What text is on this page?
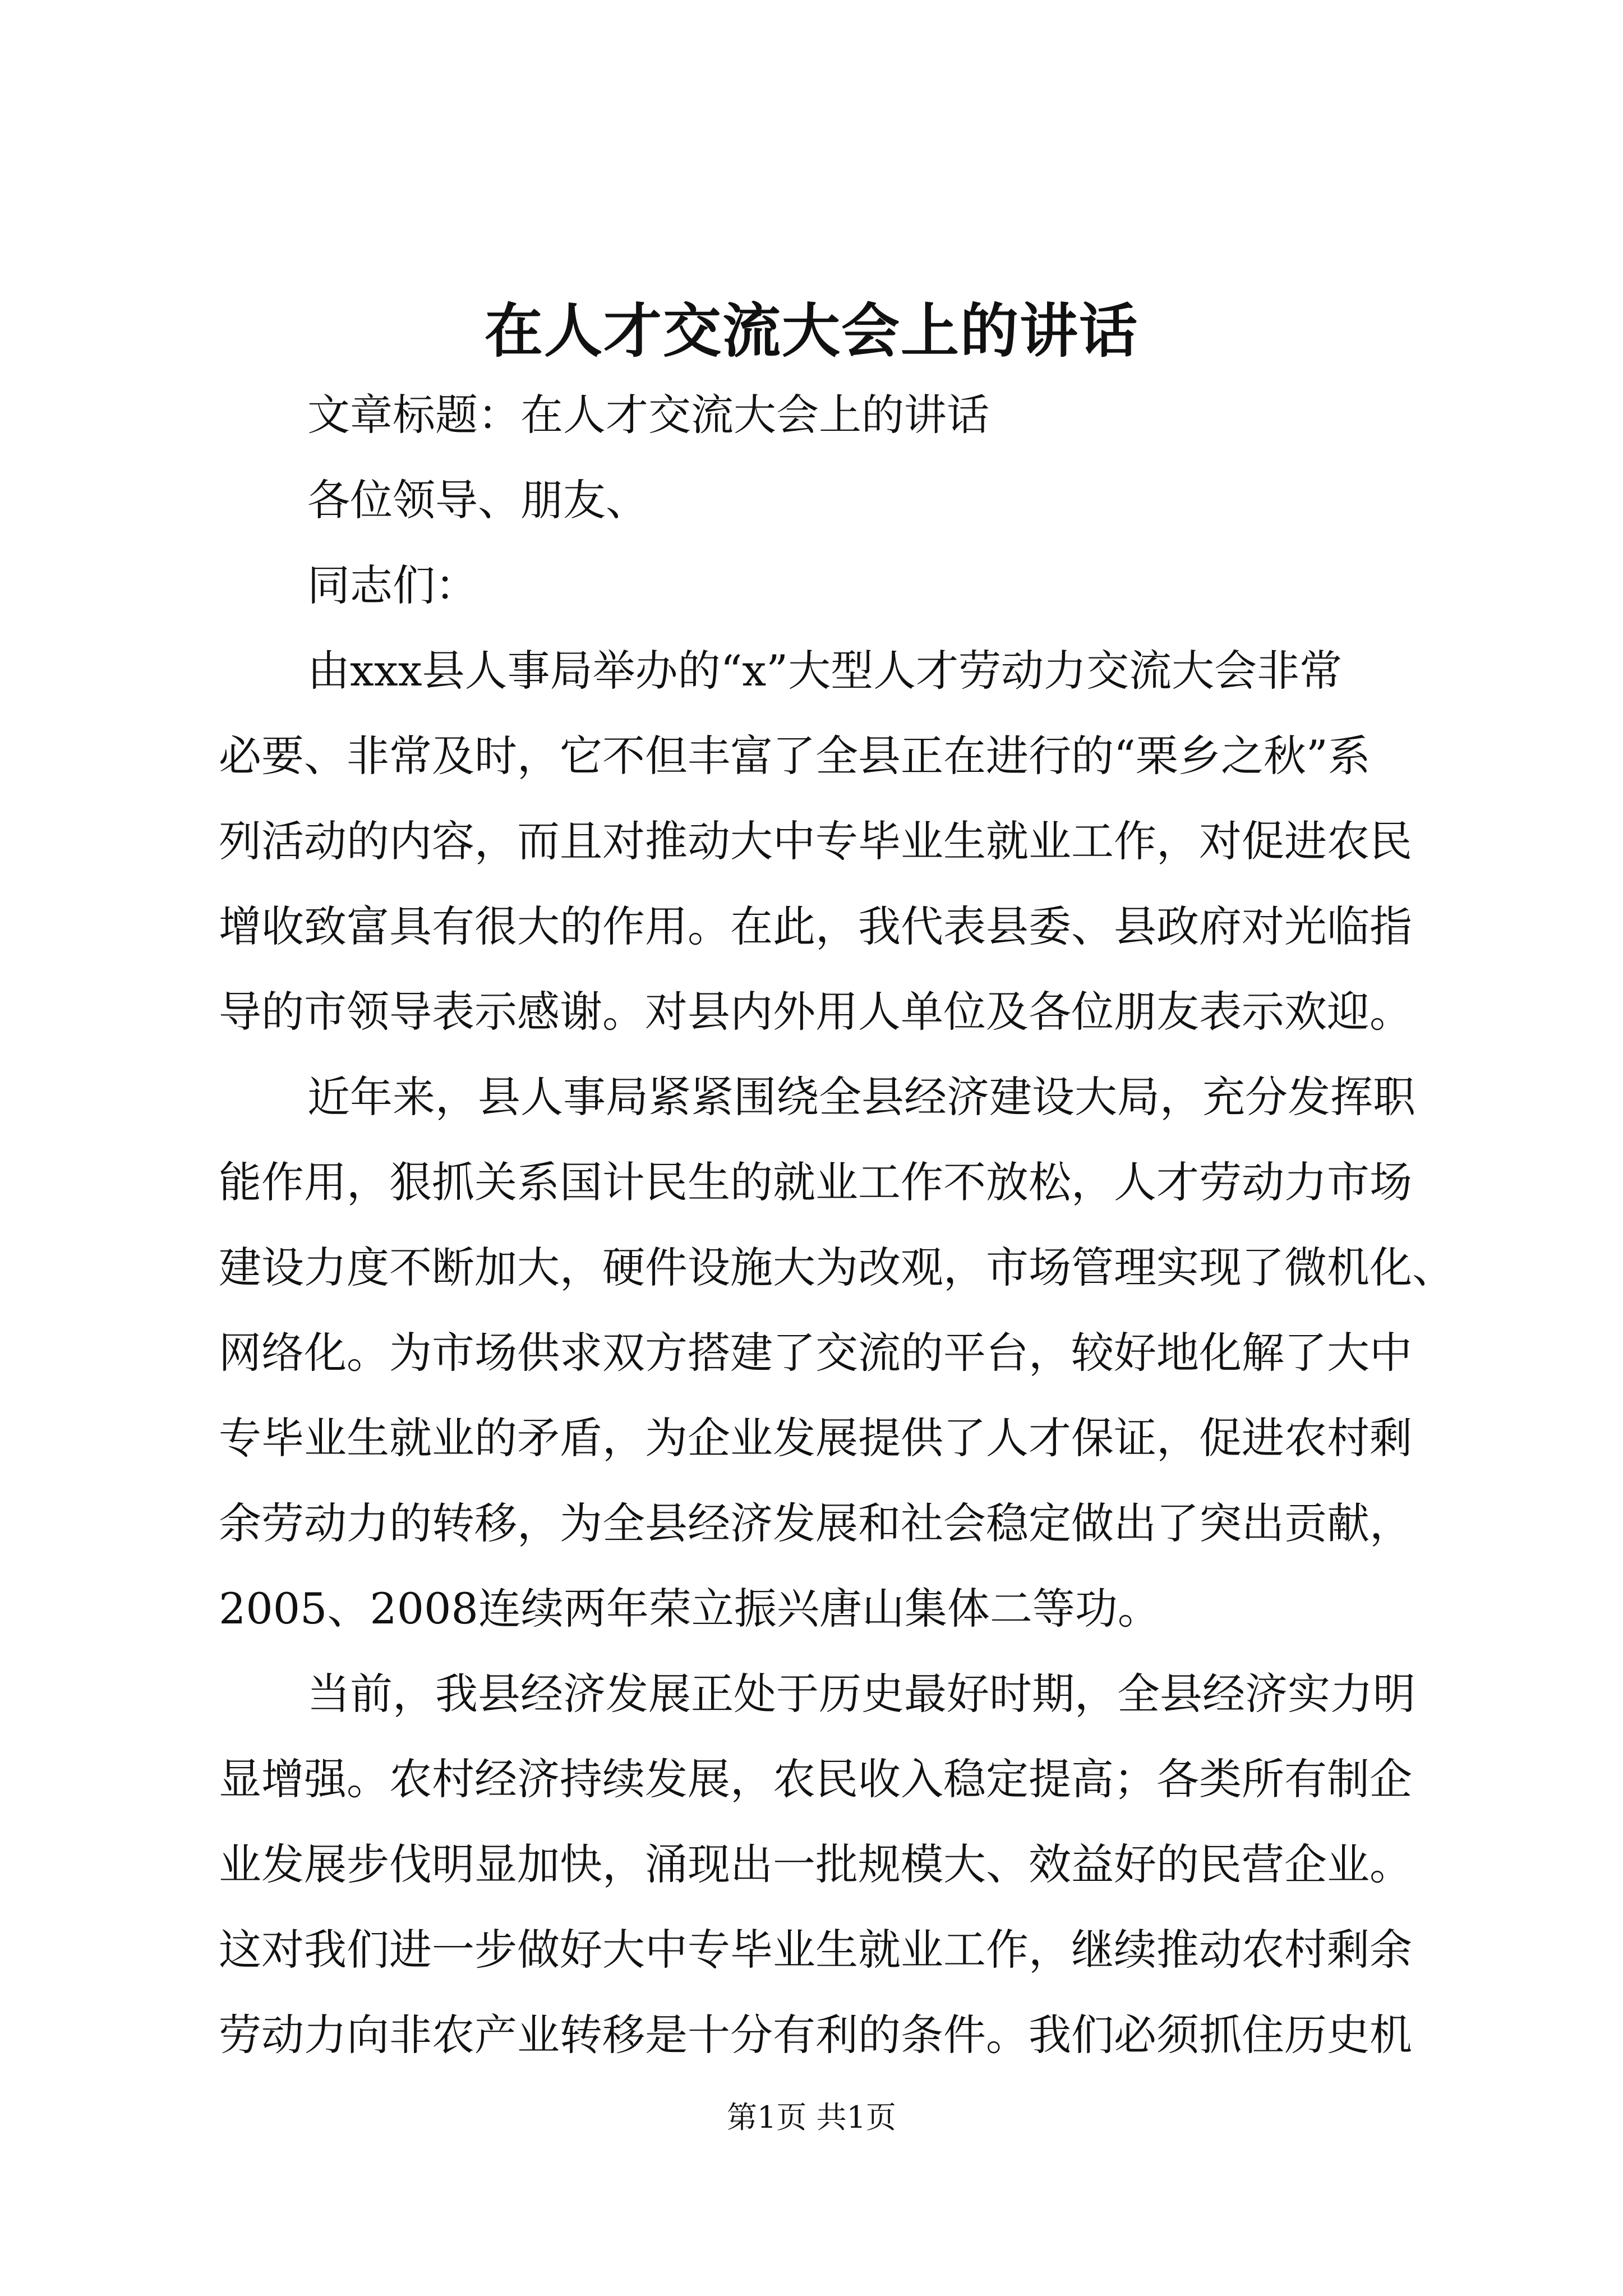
在人才交流大会上的讲话

文章标题：在人才交流大会上的讲话

各位领导、朋友、

同志们：

由xxx县人事局举办的“x”大型人才劳动力交流大会非常

必要、非常及时，它不但丰富了全县正在进行的“栗乡之秋”系

列活动的内容，而且对推动大中专毕业生就业工作，对促进农民

增收致富具有很大的作用。在此，我代表县委、县政府对光临指

导的市领导表示感谢。对县内外用人单位及各位朋友表示欢迎。

近年来，县人事局紧紧围绕全县经济建设大局，充分发挥职

能作用，狠抓关系国计民生的就业工作不放松，人才劳动力市场

建设力度不断加大，硬件设施大为改观，市场管理实现了微机化、

网络化。为市场供求双方搭建了交流的平台，较好地化解了大中

专毕业生就业的矛盾，为企业发展提供了人才保证，促进农村剩

余劳动力的转移，为全县经济发展和社会稳定做出了突出贡献，

2005、2008连续两年荣立振兴唐山集体二等功。

当前，我县经济发展正处于历史最好时期，全县经济实力明

显增强。农村经济持续发展，农民收入稳定提高；各类所有制企

业发展步伐明显加快，涌现出一批规模大、效益好的民营企业。

这对我们进一步做好大中专毕业生就业工作，继续推动农村剩余

劳动力向非农产业转移是十分有利的条件。我们必须抓住历史机

第1页 共1页
